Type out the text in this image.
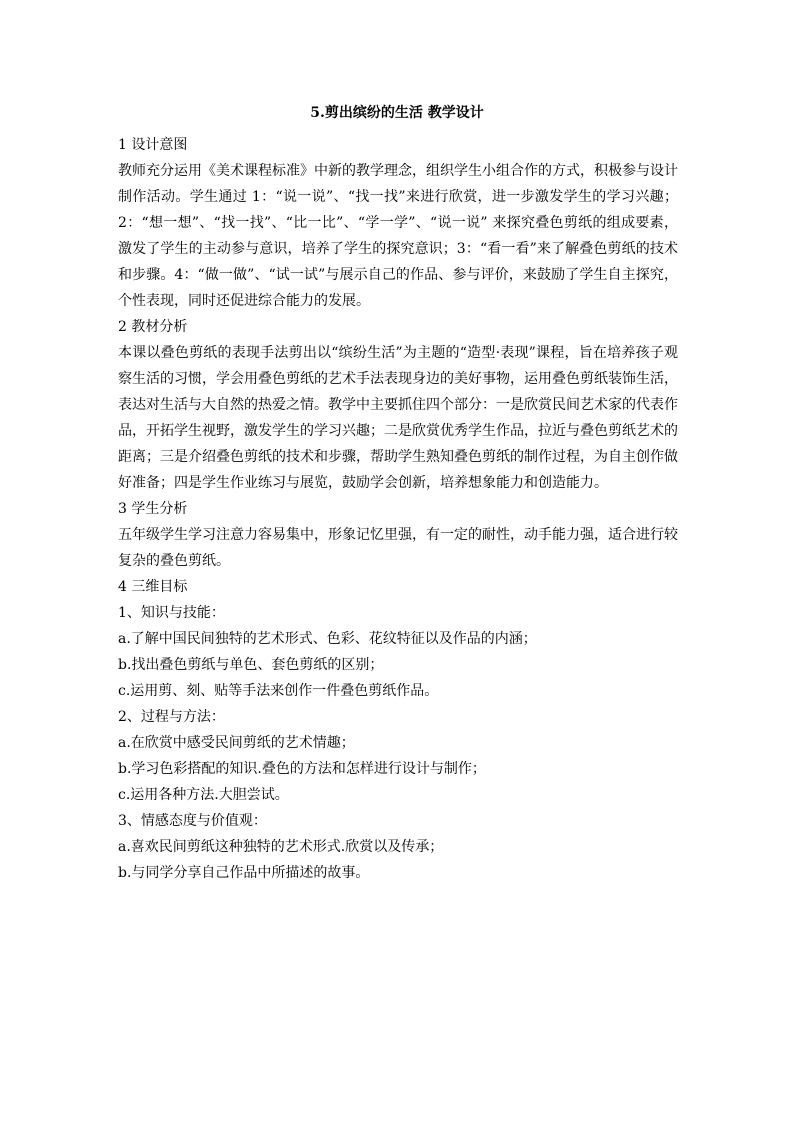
5.剪出缤纷的生活 教学设计

1 设计意图

教师充分运用《美术课程标准》中新的教学理念，组织学生小组合作的方式，积极参与设计制作活动。学生通过 1：“说一说”、“找一找”来进行欣赏，进一步激发学生的学习兴趣；2：“想一想”、“找一找”、“比一比”、“学一学”、“说一说” 来探究叠色剪纸的组成要素，激发了学生的主动参与意识，培养了学生的探究意识；3：“看一看”来了解叠色剪纸的技术和步骤。4：“做一做”、“试一试”与展示自己的作品、参与评价，来鼓励了学生自主探究，个性表现，同时还促进综合能力的发展。

2 教材分析

本课以叠色剪纸的表现手法剪出以“缤纷生活”为主题的“造型·表现”课程，旨在培养孩子观察生活的习惯，学会用叠色剪纸的艺术手法表现身边的美好事物，运用叠色剪纸装饰生活，表达对生活与大自然的热爱之情。教学中主要抓住四个部分：一是欣赏民间艺术家的代表作品，开拓学生视野，激发学生的学习兴趣；二是欣赏优秀学生作品，拉近与叠色剪纸艺术的距离；三是介绍叠色剪纸的技术和步骤，帮助学生熟知叠色剪纸的制作过程，为自主创作做好准备；四是学生作业练习与展览，鼓励学会创新，培养想象能力和创造能力。

3 学生分析

五年级学生学习注意力容易集中，形象记忆里强，有一定的耐性，动手能力强，适合进行较复杂的叠色剪纸。

4 三维目标

1、知识与技能：

a.了解中国民间独特的艺术形式、色彩、花纹特征以及作品的内涵；

b.找出叠色剪纸与单色、套色剪纸的区别；

c.运用剪、刻、贴等手法来创作一件叠色剪纸作品。

2、过程与方法：

a.在欣赏中感受民间剪纸的艺术情趣；

b.学习色彩搭配的知识.叠色的方法和怎样进行设计与制作；

c.运用各种方法.大胆尝试。

3、情感态度与价值观：

a.喜欢民间剪纸这种独特的艺术形式.欣赏以及传承；

b.与同学分享自己作品中所描述的故事。
